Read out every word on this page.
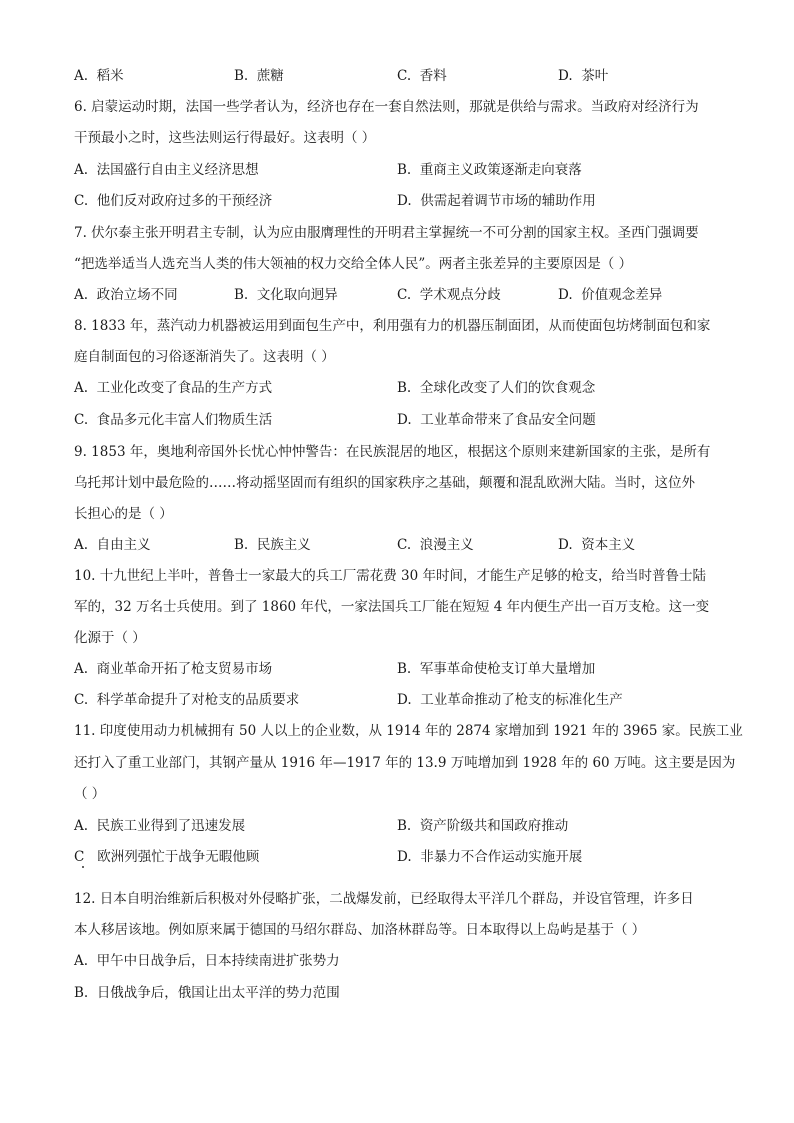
A. 稻米	B. 蔗糖	C. 香料	D. 茶叶
6. 启蒙运动时期，法国一些学者认为，经济也存在一套自然法则，那就是供给与需求。当政府对经济行为
干预最小之时，这些法则运行得最好。这表明（ ）
A. 法国盛行自由主义经济思想	B. 重商主义政策逐渐走向衰落
C. 他们反对政府过多的干预经济	D. 供需起着调节市场的辅助作用
7. 伏尔泰主张开明君主专制，认为应由服膺理性的开明君主掌握统一不可分割的国家主权。圣西门强调要
“把选举适当人选充当人类的伟大领袖的权力交给全体人民”。两者主张差异的主要原因是（ ）
A. 政治立场不同	B. 文化取向迥异	C. 学术观点分歧	D. 价值观念差异
8. 1833 年，蒸汽动力机器被运用到面包生产中，利用强有力的机器压制面团，从而使面包坊烤制面包和家
庭自制面包的习俗逐渐消失了。这表明（ ）
A. 工业化改变了食品的生产方式	B. 全球化改变了人们的饮食观念
C. 食品多元化丰富人们物质生活	D. 工业革命带来了食品安全问题
9. 1853 年，奥地利帝国外长忧心忡忡警告：在民族混居的地区，根据这个原则来建新国家的主张，是所有
乌托邦计划中最危险的……将动摇坚固而有组织的国家秩序之基础，颠覆和混乱欧洲大陆。当时，这位外
长担心的是（ ）
A. 自由主义	B. 民族主义	C. 浪漫主义	D. 资本主义
10. 十九世纪上半叶，普鲁士一家最大的兵工厂需花费 30 年时间，才能生产足够的枪支，给当时普鲁士陆
军的，32 万名士兵使用。到了 1860 年代，一家法国兵工厂能在短短 4 年内便生产出一百万支枪。这一变
化源于（ ）
A. 商业革命开拓了枪支贸易市场	B. 军事革命使枪支订单大量增加
C. 科学革命提升了对枪支的品质要求	D. 工业革命推动了枪支的标准化生产
11. 印度使用动力机械拥有 50 人以上的企业数，从 1914 年的 2874 家增加到 1921 年的 3965 家。民族工业
还打入了重工业部门，其钢产量从 1916 年—1917 年的 13.9 万吨增加到 1928 年的 60 万吨。这主要是因为
（ ）
A. 民族工业得到了迅速发展	B. 资产阶级共和国政府推动
C 欧洲列强忙于战争无暇他顾	D. 非暴力不合作运动实施开展
12. 日本自明治维新后积极对外侵略扩张，二战爆发前，已经取得太平洋几个群岛，并设官管理，许多日
本人移居该地。例如原来属于德国的马绍尔群岛、加洛林群岛等。日本取得以上岛屿是基于（ ）
A. 甲午中日战争后，日本持续南进扩张势力
B. 日俄战争后，俄国让出太平洋的势力范围
